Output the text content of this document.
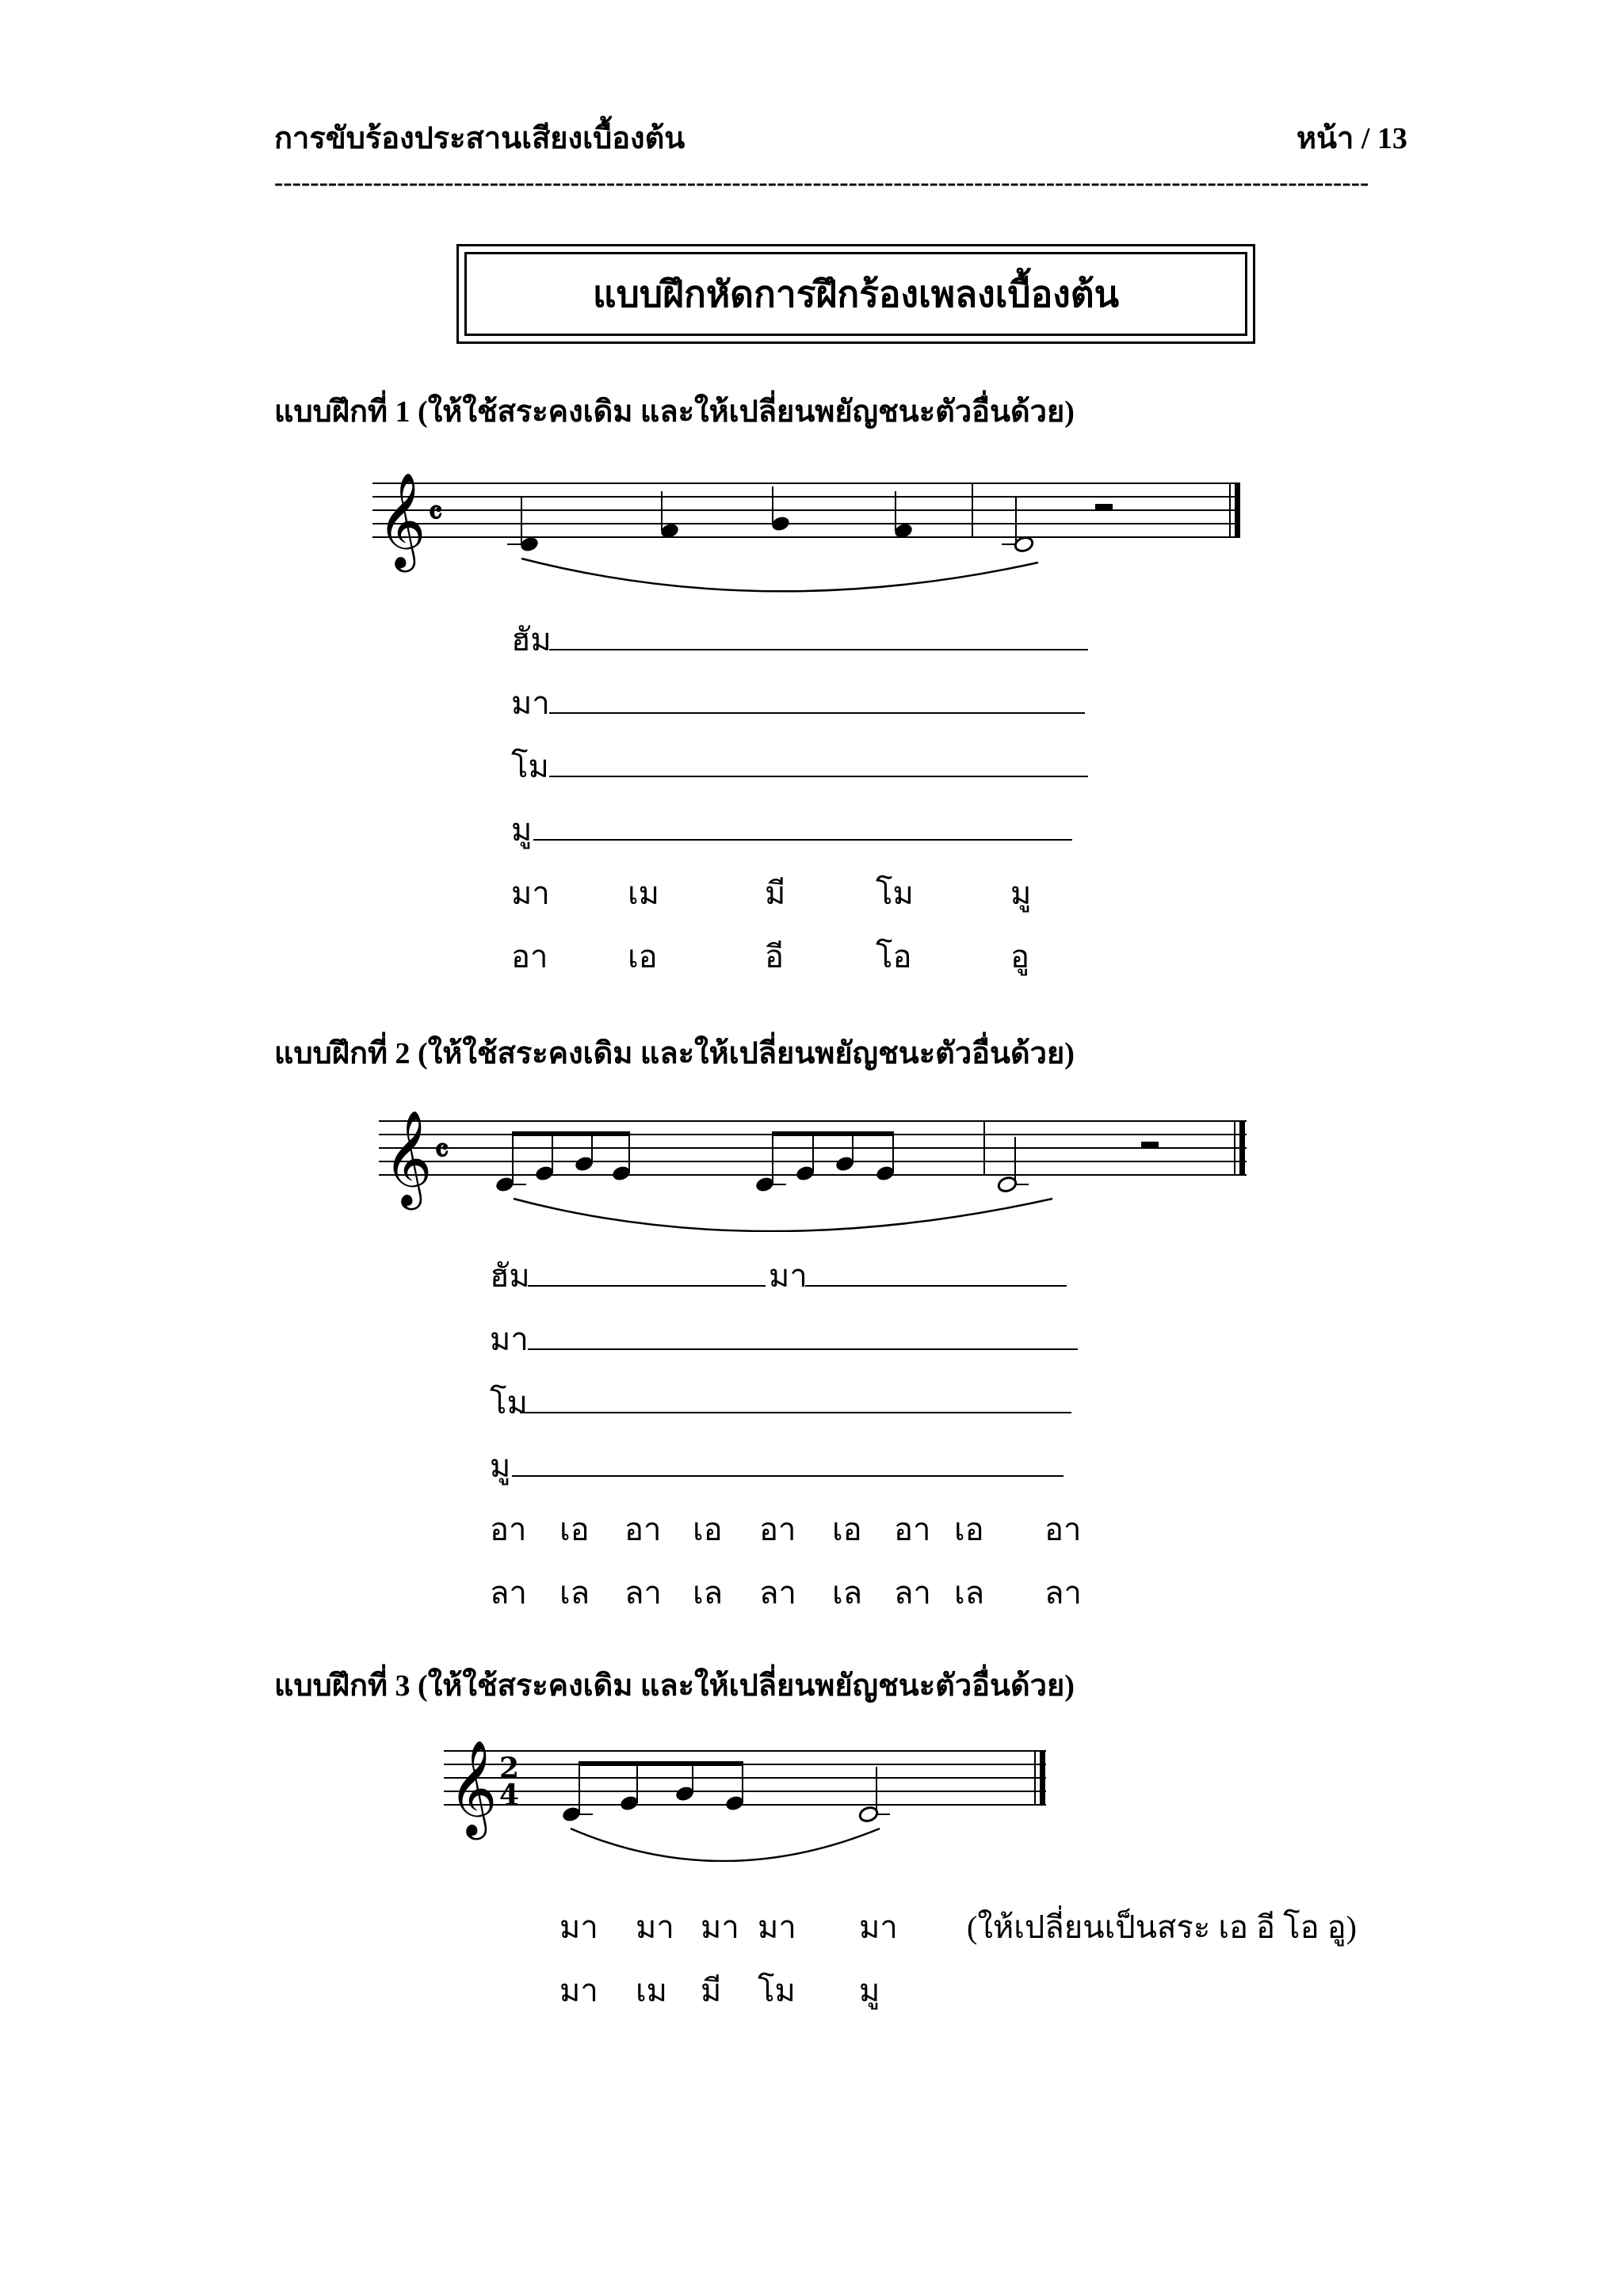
การขับร้องประสานเสียงเบื้องต้น	หน้า / 13
--------------------------------------------------------------------------------------------------------------------------
แบบฝึกหัดการฝึกร้องเพลงเบื้องต้น
แบบฝึกที่ 1 (ให้ใช้สระคงเดิม และให้เปลี่ยนพยัญชนะตัวอื่นด้วย)
𝄞 𝄴
ฮัม
มา
โม
มู
มา เม	มี	โม	มู
อา	เอ	อี	โอ	อู
แบบฝึกที่ 2 (ให้ใช้สระคงเดิม และให้เปลี่ยนพยัญชนะตัวอื่นด้วย)
𝄞 𝄴
ฮัม	มา
มา
โม
มู
อา เอ อา เอ อา เอ อา เอ อา
ลา เล ลา เล ลา เล ลา เล ลา
แบบฝึกที่ 3 (ให้ใช้สระคงเดิม และให้เปลี่ยนพยัญชนะตัวอื่นด้วย)
𝄞 2
4
มา มา มา มา มา (ให้เปลี่ยนเป็นสระ เอ อี โอ อู)
มา เม มี โม มู
